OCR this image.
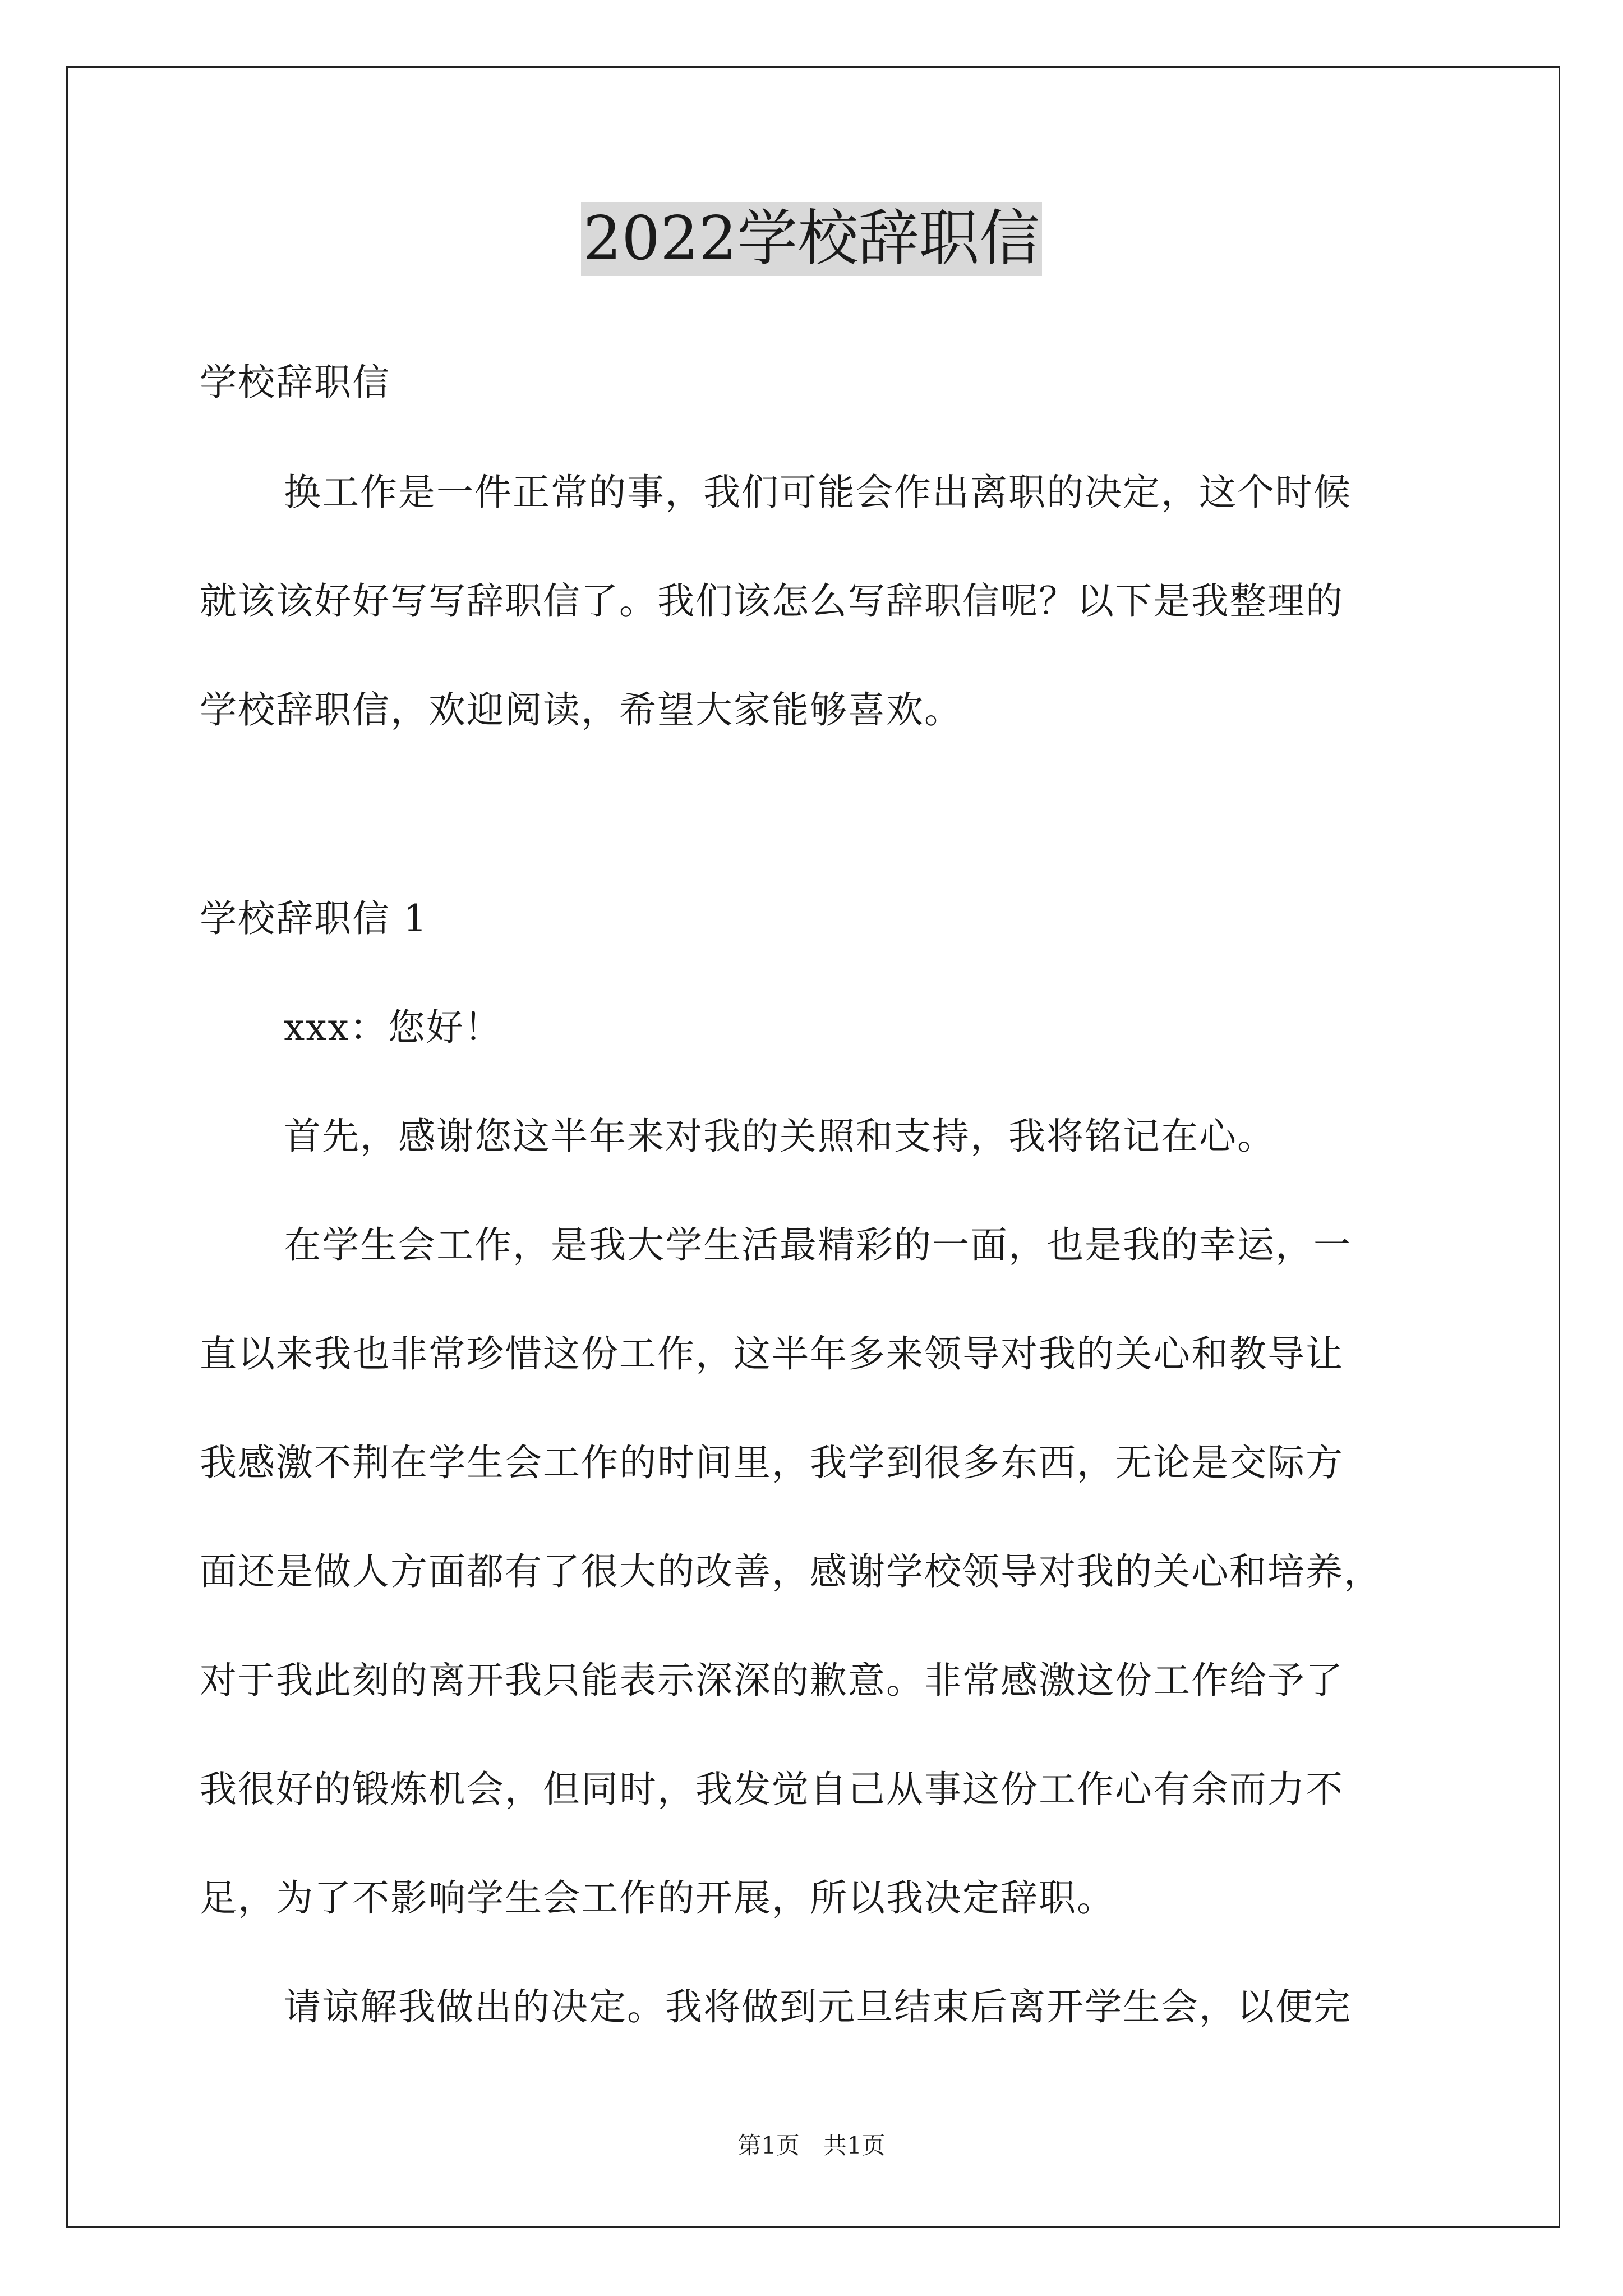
2022学校辞职信
学校辞职信
换工作是一件正常的事，我们可能会作出离职的决定，这个时候
就该该好好写写辞职信了。我们该怎么写辞职信呢？以下是我整理的
学校辞职信，欢迎阅读，希望大家能够喜欢。
学校辞职信 1
xxx：您好！
首先，感谢您这半年来对我的关照和支持，我将铭记在心。
在学生会工作，是我大学生活最精彩的一面，也是我的幸运，一
直以来我也非常珍惜这份工作，这半年多来领导对我的关心和教导让
我感激不荆在学生会工作的时间里，我学到很多东西，无论是交际方
面还是做人方面都有了很大的改善，感谢学校领导对我的关心和培养，
对于我此刻的离开我只能表示深深的歉意。非常感激这份工作给予了
我很好的锻炼机会，但同时，我发觉自己从事这份工作心有余而力不
足，为了不影响学生会工作的开展，所以我决定辞职。
请谅解我做出的决定。我将做到元旦结束后离开学生会，以便完
第1页　共1页
